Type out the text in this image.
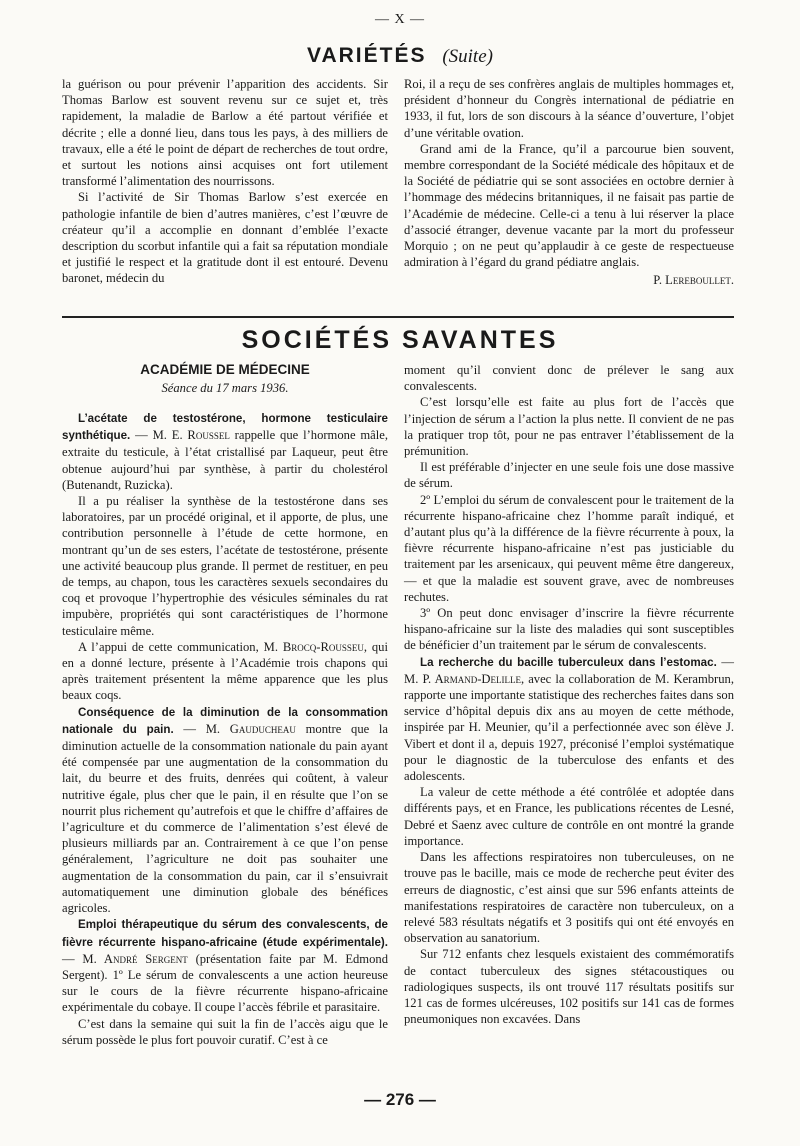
— X —
VARIÉTÉS (Suite)

la guérison ou pour prévenir l’apparition des accidents. Sir Thomas Barlow est souvent revenu sur ce sujet et, très rapidement, la maladie de Barlow a été partout vérifiée et décrite ; elle a donné lieu, dans tous les pays, à des milliers de travaux, elle a été le point de départ de recherches de tout ordre, et surtout les notions ainsi acquises ont fort utilement transformé l’alimentation des nourrissons.

Si l’activité de Sir Thomas Barlow s’est exercée en pathologie infantile de bien d’autres manières, c’est l’œuvre de créateur qu’il a accomplie en donnant d’emblée l’exacte description du scorbut infantile qui a fait sa réputation mondiale et justifié le respect et la gratitude dont il est entouré. Devenu baronet, médecin du

Roi, il a reçu de ses confrères anglais de multiples hommages et, président d’honneur du Congrès international de pédiatrie en 1933, il fut, lors de son discours à la séance d’ouverture, l’objet d’une véritable ovation.

Grand ami de la France, qu’il a parcourue bien souvent, membre correspondant de la Société médicale des hôpitaux et de la Société de pédiatrie qui se sont associées en octobre dernier à l’hommage des médecins britanniques, il ne faisait pas partie de l’Académie de médecine. Celle-ci a tenu à lui réserver la place d’associé étranger, devenue vacante par la mort du professeur Morquio ; on ne peut qu’applaudir à ce geste de respectueuse admiration à l’égard du grand pédiatre anglais.

P. Lereboullet.

SOCIÉTÉS SAVANTES
ACADÉMIE DE MÉDECINE
Séance du 17 mars 1936.

L’acétate de testostérone, hormone testiculaire synthétique. — M. E. Roussel rappelle que l’hormone mâle, extraite du testicule, à l’état cristallisé par Laqueur, peut être obtenue aujourd’hui par synthèse, à partir du cholestérol (Butenandt, Ruzicka).

Il a pu réaliser la synthèse de la testostérone dans ses laboratoires, par un procédé original, et il apporte, de plus, une contribution personnelle à l’étude de cette hormone, en montrant qu’un de ses esters, l’acétate de testostérone, présente une activité beaucoup plus grande. Il permet de restituer, en peu de temps, au chapon, tous les caractères sexuels secondaires du coq et provoque l’hypertrophie des vésicules séminales du rat impubère, propriétés qui sont caractéristiques de l’hormone testiculaire même.

A l’appui de cette communication, M. Brocq-Rousseu, qui en a donné lecture, présente à l’Académie trois chapons qui après traitement présentent la même apparence que les plus beaux coqs.

Conséquence de la diminution de la consommation nationale du pain. — M. Gauducheau montre que la diminution actuelle de la consommation nationale du pain ayant été compensée par une augmentation de la consommation du lait, du beurre et des fruits, denrées qui coûtent, à valeur nutritive égale, plus cher que le pain, il en résulte que l’on se nourrit plus richement qu’autrefois et que le chiffre d’affaires de l’agriculture et du commerce de l’alimentation s’est élevé de plusieurs milliards par an. Contrairement à ce que l’on pense généralement, l’agriculture ne doit pas souhaiter une augmentation de la consommation du pain, car il s’ensuivrait automatiquement une diminution globale des bénéfices agricoles.

Emploi thérapeutique du sérum des convalescents, de fièvre récurrente hispano-africaine (étude expérimentale). — M. André Sergent (présentation faite par M. Edmond Sergent). 1º Le sérum de convalescents a une action heureuse sur le cours de la fièvre récurrente hispano-africaine expérimentale du cobaye. Il coupe l’accès fébrile et parasitaire.

C’est dans la semaine qui suit la fin de l’accès aigu que le sérum possède le plus fort pouvoir curatif. C’est à ce

moment qu’il convient donc de prélever le sang aux convalescents.

C’est lorsqu’elle est faite au plus fort de l’accès que l’injection de sérum a l’action la plus nette. Il convient de ne pas la pratiquer trop tôt, pour ne pas entraver l’établissement de la prémunition.

Il est préférable d’injecter en une seule fois une dose massive de sérum.

2º L’emploi du sérum de convalescent pour le traitement de la récurrente hispano-africaine chez l’homme paraît indiqué, et d’autant plus qu’à la différence de la fièvre récurrente à poux, la fièvre récurrente hispano-africaine n’est pas justiciable du traitement par les arsenicaux, qui peuvent même être dangereux, — et que la maladie est souvent grave, avec de nombreuses rechutes.

3º On peut donc envisager d’inscrire la fièvre récurrente hispano-africaine sur la liste des maladies qui sont susceptibles de bénéficier d’un traitement par le sérum de convalescents.

La recherche du bacille tuberculeux dans l’estomac. — M. P. Armand-Delille, avec la collaboration de M. Kerambrun, rapporte une importante statistique des recherches faites dans son service d’hôpital depuis dix ans au moyen de cette méthode, inspirée par H. Meunier, qu’il a perfectionnée avec son élève J. Vibert et dont il a, depuis 1927, préconisé l’emploi systématique pour le diagnostic de la tuberculose des enfants et des adolescents.

La valeur de cette méthode a été contrôlée et adoptée dans différents pays, et en France, les publications récentes de Lesné, Debré et Saenz avec culture de contrôle en ont montré la grande importance.

Dans les affections respiratoires non tuberculeuses, on ne trouve pas le bacille, mais ce mode de recherche peut éviter des erreurs de diagnostic, c’est ainsi que sur 596 enfants atteints de manifestations respiratoires de caractère non tuberculeux, on a relevé 583 résultats négatifs et 3 positifs qui ont été envoyés en observation au sanatorium.

Sur 712 enfants chez lesquels existaient des commémoratifs de contact tuberculeux des signes stétacoustiques ou radiologiques suspects, ils ont trouvé 117 résultats positifs sur 121 cas de formes ulcéreuses, 102 positifs sur 141 cas de formes pneumoniques non excavées. Dans

— 276 —
